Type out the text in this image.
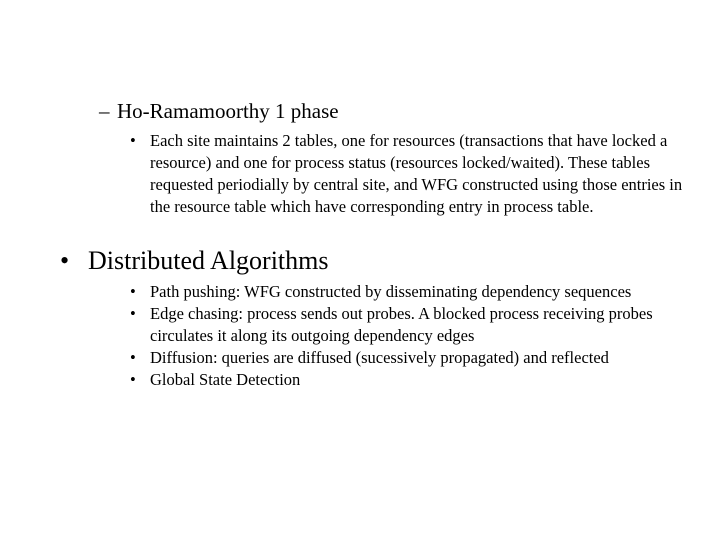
– Ho-Ramamoorthy 1 phase
• Each site maintains 2 tables, one for resources (transactions that have locked a resource) and one for process status (resources locked/waited). These tables requested periodially by central site, and WFG constructed using those entries in the resource table which have corresponding entry in process table.
• Distributed Algorithms
• Path pushing: WFG constructed by disseminating dependency sequences
• Edge chasing: process sends out probes. A blocked process receiving probes circulates it along its outgoing dependency edges
• Diffusion: queries are diffused (sucessively propagated) and reflected
• Global State Detection
